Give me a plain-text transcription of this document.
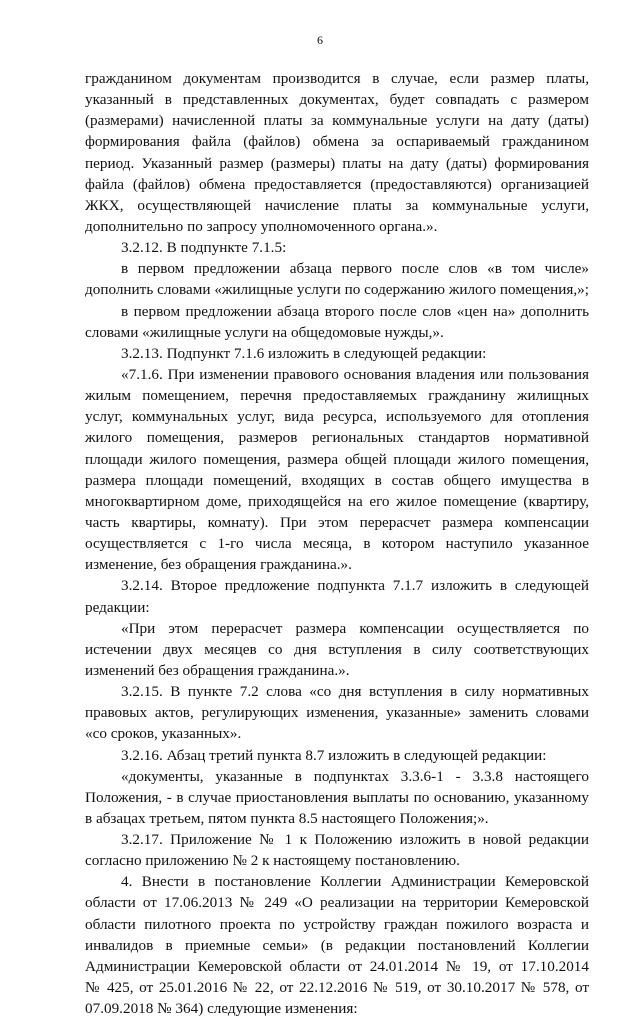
6
гражданином документам производится в случае, если размер платы,
указанный в представленных документах, будет совпадать с размером
(размерами) начисленной платы за коммунальные услуги на дату (даты)
формирования файла (файлов) обмена за оспариваемый гражданином
период. Указанный размер (размеры) платы на дату (даты) формирования
файла (файлов) обмена предоставляется (предоставляются) организацией
ЖКХ, осуществляющей начисление платы за коммунальные услуги,
дополнительно по запросу уполномоченного органа.».
3.2.12. В подпункте 7.1.5:
в первом предложении абзаца первого после слов «в том числе»
дополнить словами «жилищные услуги по содержанию жилого помещения,»;
в первом предложении абзаца второго после слов «цен на» дополнить
словами «жилищные услуги на общедомовые нужды,».
3.2.13. Подпункт 7.1.6 изложить в следующей редакции:
«7.1.6. При изменении правового основания владения или пользования
жилым помещением, перечня предоставляемых гражданину жилищных
услуг, коммунальных услуг, вида ресурса, используемого для отопления
жилого помещения, размеров региональных стандартов нормативной
площади жилого помещения, размера общей площади жилого помещения,
размера площади помещений, входящих в состав общего имущества в
многоквартирном доме, приходящейся на его жилое помещение (квартиру,
часть квартиры, комнату). При этом перерасчет размера компенсации
осуществляется с 1-го числа месяца, в котором наступило указанное
изменение, без обращения гражданина.».
3.2.14. Второе предложение подпункта 7.1.7 изложить в следующей
редакции:
«При этом перерасчет размера компенсации осуществляется по
истечении двух месяцев со дня вступления в силу соответствующих
изменений без обращения гражданина.».
3.2.15. В пункте 7.2 слова «со дня вступления в силу нормативных
правовых актов, регулирующих изменения, указанные» заменить словами
«со сроков, указанных».
3.2.16. Абзац третий пункта 8.7 изложить в следующей редакции:
«документы, указанные в подпунктах 3.3.6-1 - 3.3.8 настоящего
Положения, - в случае приостановления выплаты по основанию, указанному
в абзацах третьем, пятом пункта 8.5 настоящего Положения;».
3.2.17. Приложение № 1 к Положению изложить в новой редакции
согласно приложению № 2 к настоящему постановлению.
4. Внести в постановление Коллегии Администрации Кемеровской
области от 17.06.2013 № 249 «О реализации на территории Кемеровской
области пилотного проекта по устройству граждан пожилого возраста и
инвалидов в приемные семьи» (в редакции постановлений Коллегии
Администрации Кемеровской области от 24.01.2014 № 19, от 17.10.2014
№ 425, от 25.01.2016 № 22, от 22.12.2016 № 519, от 30.10.2017 № 578, от
07.09.2018 № 364) следующие изменения:
